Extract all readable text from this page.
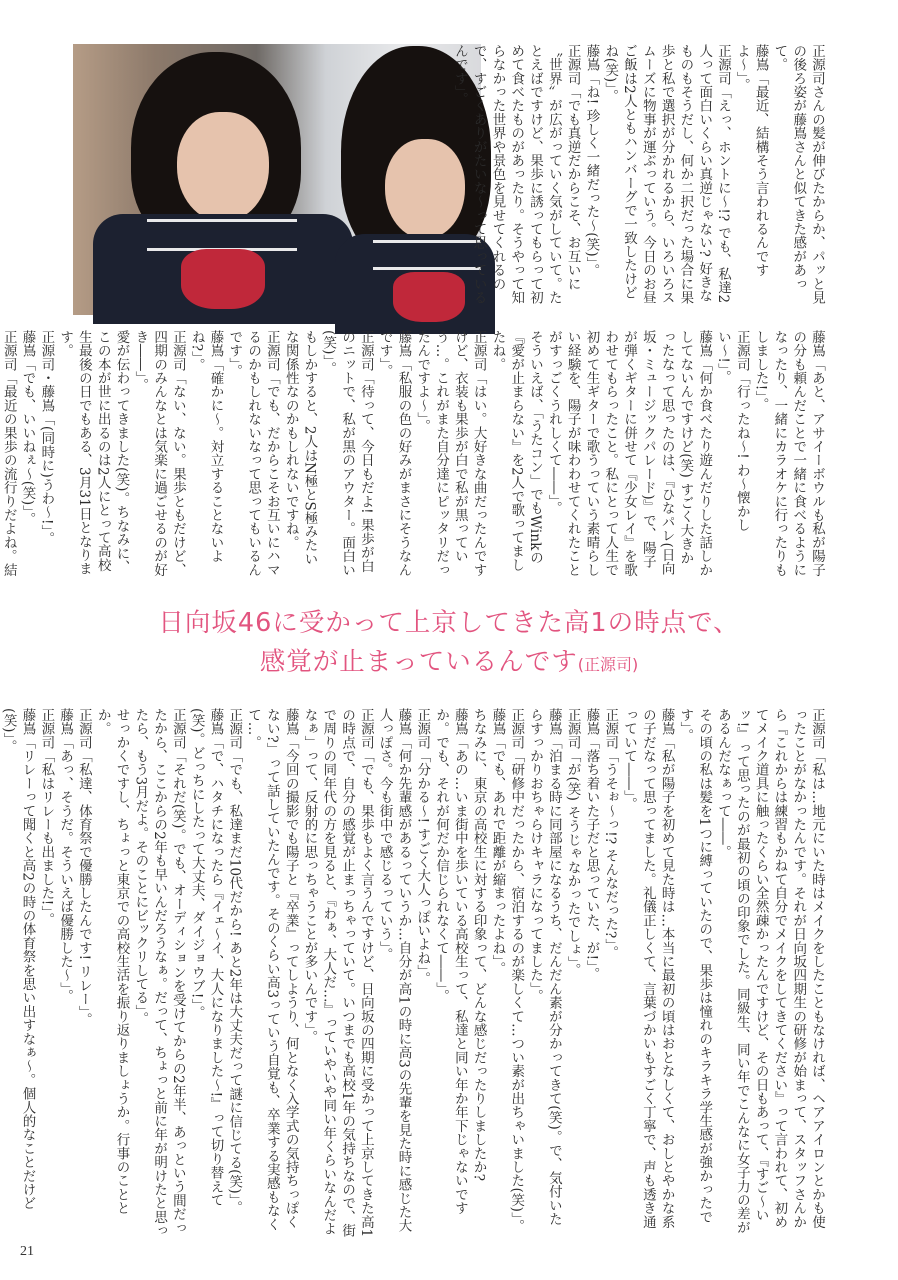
正源司さんの髪が伸びたからか、パッと見の後ろ姿が藤嶌さんと似てきた感があって。
藤嶌「最近、結構そう言われるんですよ〜」。
正源司「えっ、ホントに〜!? でも、私達2人って面白いくらい真逆じゃない? 好きなものもそうだし、何か二択だった場合に果歩と私で選択が分かれるから、いろいろスムーズに物事が運ぶっていう。今日のお昼ご飯は2人ともハンバーグで一致したけどね(笑)」。
藤嶌「ね! 珍しく一緒だった〜(笑)」。
正源司「でも真逆だからこそ、お互いに〝世界〟が広がっていく気がしていて。たとえばですけど、果歩に誘ってもらって初めて食べたものがあったり。そうやって知らなかった世界や景色を見せてくれるので、すごくありがたいな〜って思っているんです」。
藤嶌「あと、アサイーボウルも私が陽子の分も頼んだことで一緒に食べるようになったり、一緒にカラオケに行ったりもしました!」。
正源司「行ったね〜! わ〜懐かしい〜!」。
藤嶌「何か食べたり遊んだりした話しかしてないんですけど(笑) すごく大きかったなって思ったのは、『ひなパレ(日向坂・ミュージックパレード)』で、陽子が弾くギターに併せて『少女レイ』を歌わせてもらったこと。私にとって人生で初めて生ギターで歌うっていう素晴らしい経験を、陽子が味わわせてくれたことがすっごくうれしくて――」。
そういえば、「うたコン」でもWinkの『愛が止まらない』を2人で歌ってましたね。
正源司「はい。大好きな曲だったんですけど、衣装も果歩が白で私が黒っていう…。これがまた自分達にピッタリだったんですよ〜」。
藤嶌「私服の色の好みがまさにそうなんです」。
正源司「待って、今日もだよ! 果歩が白のニットで、私が黒のアウター。面白い(笑)」。
もしかすると、2人はN極とS極みたいな関係性なのかもしれないですね。
正源司「でも、だからこそお互いにハマるのかもしれないなって思ってもいるんです」。
藤嶌「確かに〜。対立することないよね?」。
正源司「ない、ない。果歩ともだけど、四期のみんなとは気楽に過ごせるのが好き――」。
愛が伝わってきました(笑)。ちなみに、この本が世に出るのは2人にとって高校生最後の日でもある、3月31日となります。
正源司・藤嶌「(同時に)うわ〜!」。
藤嶌「でも、いいねぇ〜(笑)」。
正源司「最近の果歩の流行りだよね。結

日向坂46に受かって上京してきた高1の時点で、
感覚が止まっているんです(正源司)
正源司「私は…地元にいた時はメイクをしたこともなければ、ヘアアイロンとかも使ったことがなかったんです。それが日向坂四期生の研修が始まって、スタッフさんから『これからは練習もかねて自分でメイクをしてきてください』って言われて、初めてメイク道具に触ったくらい全然疎かったんですけど、その日もあって、『すご〜いッ!』って思ったのが最初の頃の印象でした。同級生、同い年でこんなに女子力の差があるんだなぁって――。
その頃の私は髪を1つに縛っていたので、果歩は憧れのキラキラ学生感が強かったです」。
藤嶌「私が陽子を初めて見た時は…本当に最初の頃はおとなしくて、おしとやかな系の子だなって思ってました。礼儀正しくて、言葉づかいもすごく丁寧で、声も透き通っていて――」。
正源司「うそぉ〜っ!? そんなだった?」。
藤嶌「落ち着いた子だと思っていた、が!」。
正源司「が(笑) そうじゃなかったでしょ」。
藤嶌「泊まる時に同部屋になるうち、だんだん素が分かってきて(笑)。で、気付いたらすっかりおちゃらけキャラになってました」。
正源司「研修中だったから、宿泊するのが楽しくて…つい素が出ちゃいました(笑)」。
藤嶌「でも、あれで距離が縮まったよね」。
ちなみに、東京の高校生に対する印象って、どんな感じだったりしましたか?
藤嶌「あの…いま街中を歩いている高校生って、私達と同い年か年下じゃないですか。でも、それが何だか信じられなくて――」。
正源司「分かる〜! すごく大人っぽいよね」。
藤嶌「何か先輩感があるっていうか…自分が高1の時に高3の先輩を見た時に感じた大人っぽさ。今も街中で感じるっていう」。
正源司「でも、果歩もよく言うんですけど、日向坂の四期に受かって上京してきた高1の時点で、自分の感覚が止まっちゃっていて。いつまでも高校1年の気持ちなので、街で周りの同年代の方を見ると、『わぁ、大人だ…』っていやいや同い年くらいなんだよなぁ」って、反射的に思っちゃうことが多いんです」。
藤嶌「今回の撮影でも陽子と『卒業』ってしようり、何となく入学式の気持ちっぽくない?」って話していたんです。そのくらい高3っていう自覚も、卒業する実感もなくて…。
正源司「でも、私達まだ10代だから! あと2年は大丈夫だって謎に信じてる(笑)」。
藤嶌「で、ハタチになったら『イェ〜イ、大人になりました〜!』って切り替えて(笑)。どっちにしたって大丈夫、ダイジョウブ!」。
正源司「それだ(笑)。でも、オーディションを受けてからの2年半、あっという間だったから、ここからの2年も早いんだろうなぁ。だって、ちょっと前に年が明けたと思ったら、もう3月だよ。そのことにビックリしてる」。
せっかくですし、ちょっと東京での高校生活を振り返りましょうか。行事のこととか。
正源司「私達、体育祭で優勝したんです! リレー」。
藤嶌「あっ、そうだ。そういえば優勝した〜」。
正源司「私はリレーも出ました!」。
藤嶌「リレーって聞くと高2の時の体育祭を思い出すなぁ〜。個人的なことだけど(笑)」。

21
